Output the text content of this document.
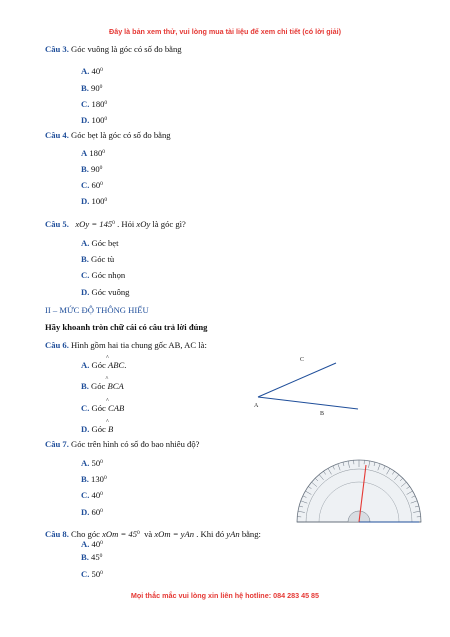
Đây là bản xem thử, vui lòng mua tài liệu để xem chi tiết (có lời giải)
Câu 3. Góc vuông là góc có số đo bằng
A. $40^0$
B. $90^0$
C. $180^0$
D. $100^0$
Câu 4. Góc bẹt là góc có số đo bằng
A $180^0$
B. $90^0$
C. $60^0$
D. $100^0$
Câu 5. xOy = $145^0$ . Hỏi xOy là góc gì?
A. Góc bẹt
B. Góc tù
C. Góc nhọn
D. Góc vuông
II – MỨC ĐỘ THÔNG HIỂU
Hãy khoanh tròn chữ cái có câu trả lời đúng
Câu 6. Hình gồm hai tia chung gốc AB, AC là:
A. Góc ^ ABC.
B. Góc ^ BCA
C. Góc ^ CAB
D. Góc ^ B
A
B
C
Câu 7. Góc trên hình có số đo bao nhiêu độ?
A. $50^0$
B. $130^0$
C. $40^0$
D. $60^0$
Câu 8. Cho góc xOm = $45^0$ và xOm = yAn . Khi đó yAn bằng:
A. $40^0$
B. $45^0$
C. $50^0$
Mọi thắc mắc vui lòng xin liên hệ hotline: 084 283 45 85
